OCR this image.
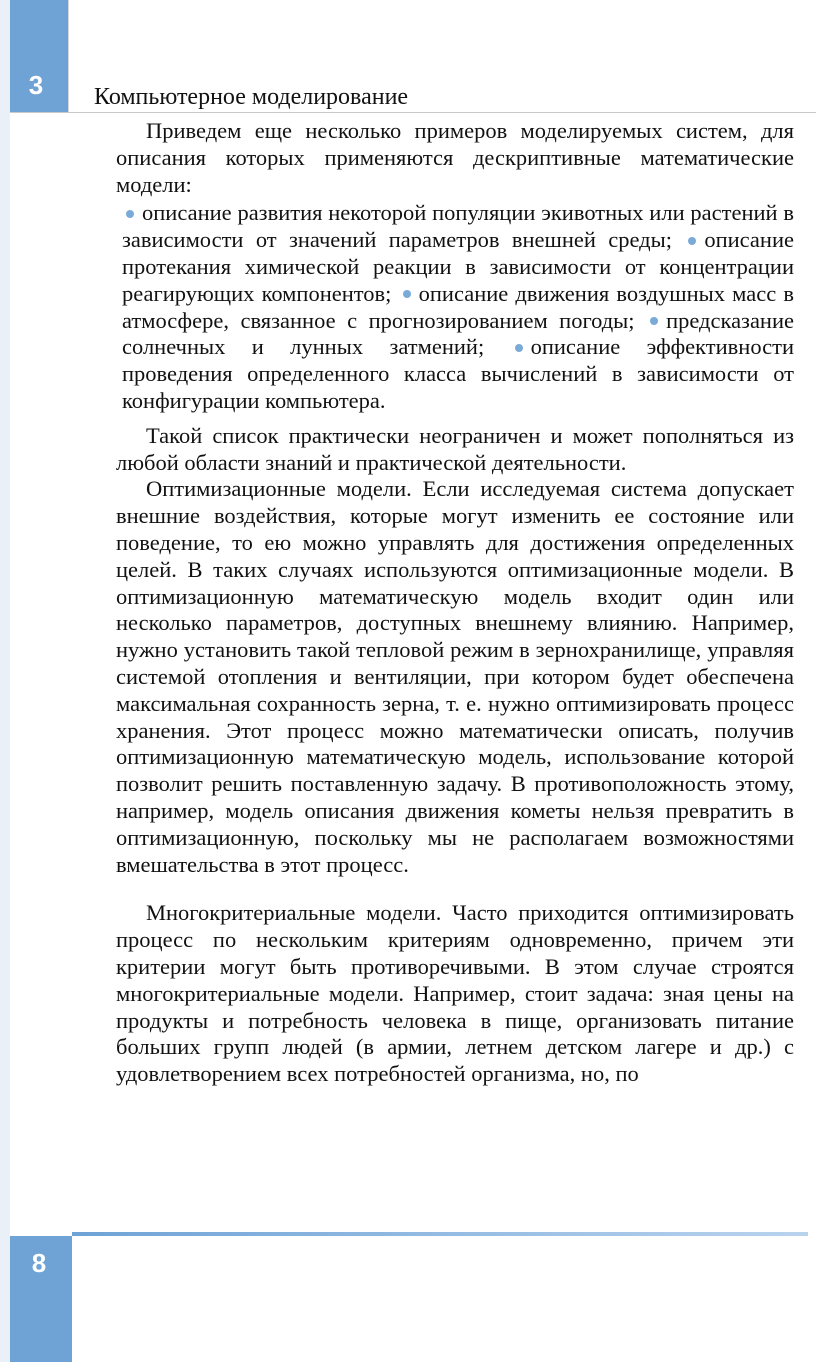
3	Компьютерное моделирование

Приведем еще несколько примеров моделируемых систем, для описания которых применяются дескриптивные математические модели:

описание развития некоторой популяции экивотных или растений в зависимости от значений параметров внешней среды; описание протекания химической реакции в зависимости от концентрации реагирующих компонентов; описание движения воздушных масс в атмосфере, связанное с прогнозированием погоды; предсказание солнечных и лунных затмений; описание эффективности проведения определенного класса вычислений в зависимости от конфигурации компьютера.

Такой список практически неограничен и может пополняться из любой области знаний и практической деятельности.

Оптимизационные модели. Если исследуемая система допускает внешние воздействия, которые могут изменить ее состояние или поведение, то ею можно управлять для достижения определенных целей. В таких случаях используются оптимизационные модели. В оптимизационную математическую модель входит один или несколько параметров, доступных внешнему влиянию. Например, нужно установить такой тепловой режим в зернохранилище, управляя системой отопления и вентиляции, при котором будет обеспечена максимальная сохранность зерна, т. е. нужно оптимизировать процесс хранения. Этот процесс можно математически описать, получив оптимизационную математическую модель, использование которой позволит решить поставленную задачу. В противоположность этому, например, модель описания движения кометы нельзя превратить в оптимизационную, поскольку мы не располагаем возможностями вмешательства в этот процесс.

Многокритериальные модели. Часто приходится оптимизировать процесс по нескольким критериям одновременно, причем эти критерии могут быть противоречивыми. В этом случае строятся многокритериальные модели. Например, стоит задача: зная цены на продукты и потребность человека в пище, организовать питание больших групп людей (в армии, летнем детском лагере и др.) с удовлетворением всех потребностей организма, но, по

8
